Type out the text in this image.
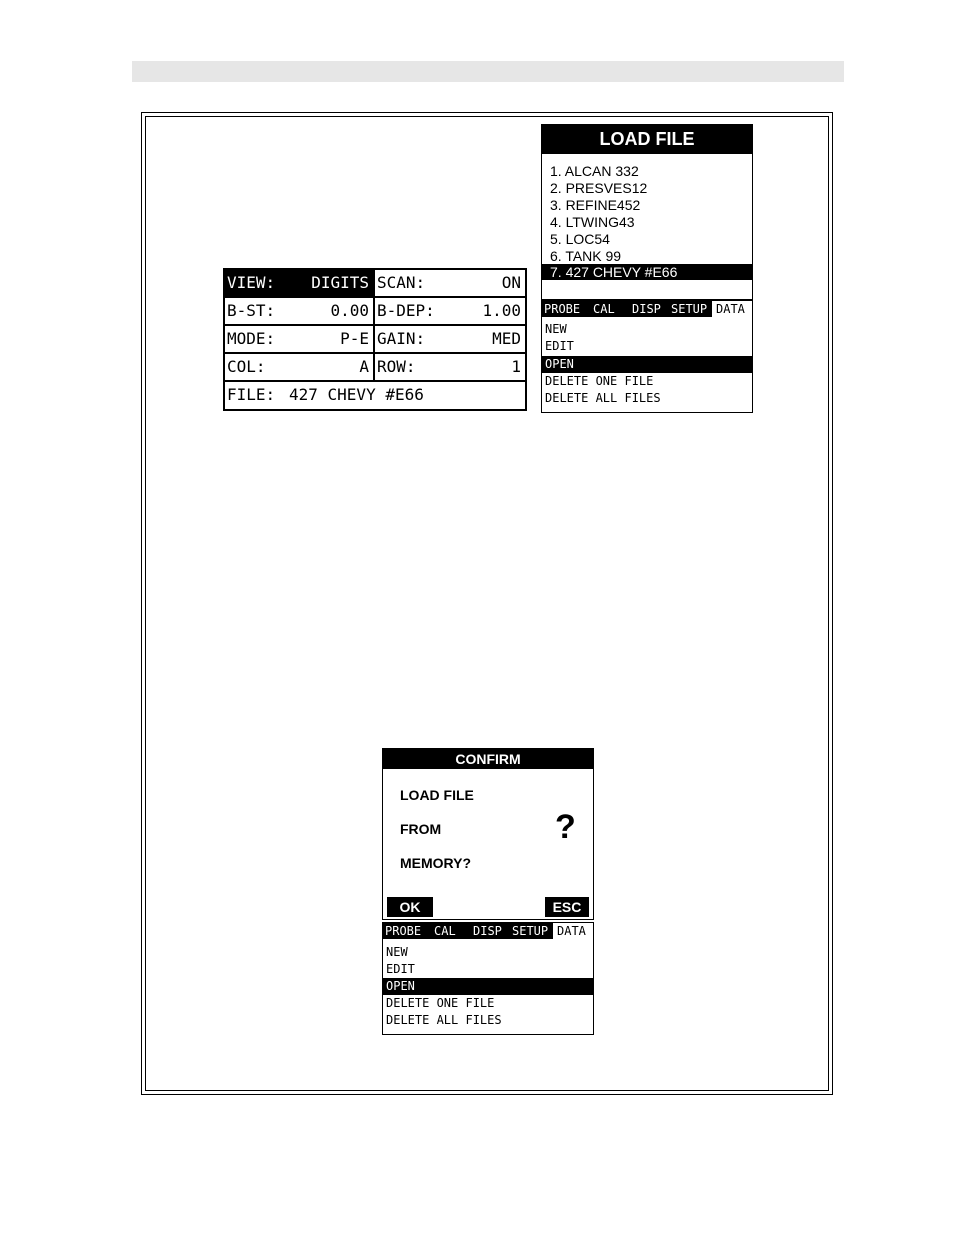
VIEW: DIGITS SCAN:	ON
B-ST:	0.00 B-DEP:	1.00
MODE:	P-E GAIN:	MED
COL:	A ROW:	1
FILE: 427 CHEVY #E66
LOAD FILE
1. ALCAN 332
2. PRESVES12
3. REFINE452
4. LTWING43
5. LOC54
6. TANK 99
7. 427 CHEVY #E66
PROBE CAL DISP SETUP DATA
NEW
EDIT
OPEN
DELETE ONE FILE
DELETE ALL FILES
CONFIRM
LOAD FILE
FROM
MEMORY?
?
OK	ESC
PROBE CAL DISP SETUP DATA
NEW
EDIT
OPEN
DELETE ONE FILE
DELETE ALL FILES
